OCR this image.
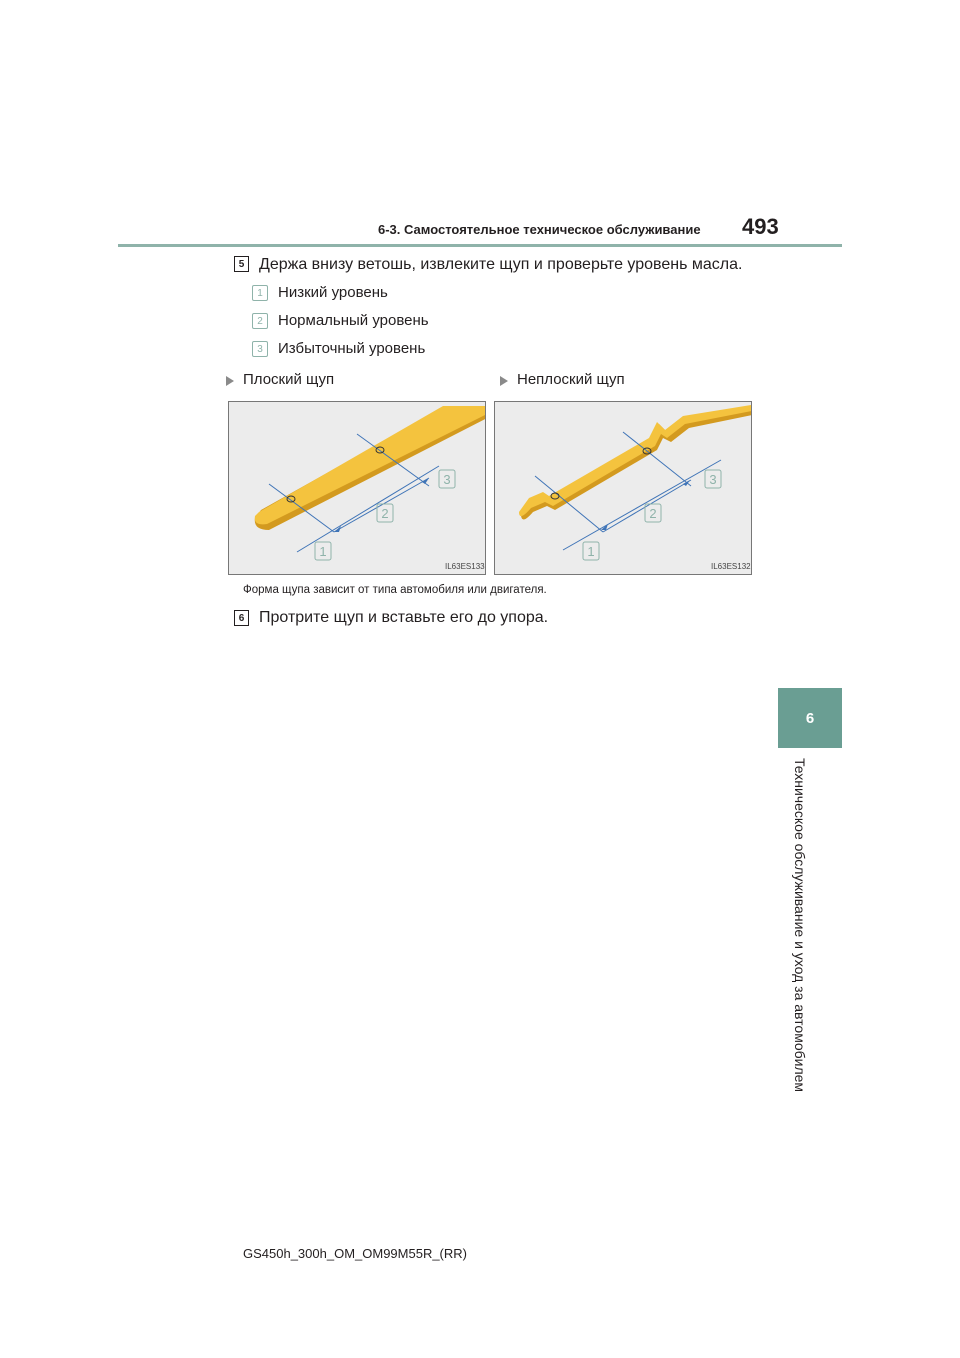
6-3. Самостоятельное техническое обслуживание 493
6
Техническое обслуживание и уход за автомобилем
5 Держа внизу ветошь, извлеките щуп и проверьте уровень масла.
1	Низкий уровень
2	Нормальный уровень
3	Избыточный уровень
Плоский щуп	Неплоский щуп
1
2
3
IL63ES133
1
2
3
IL63ES132
Форма щупа зависит от типа автомобиля или двигателя.
6 Протрите щуп и вставьте его до упора.
GS450h_300h_OM_OM99M55R_(RR)
